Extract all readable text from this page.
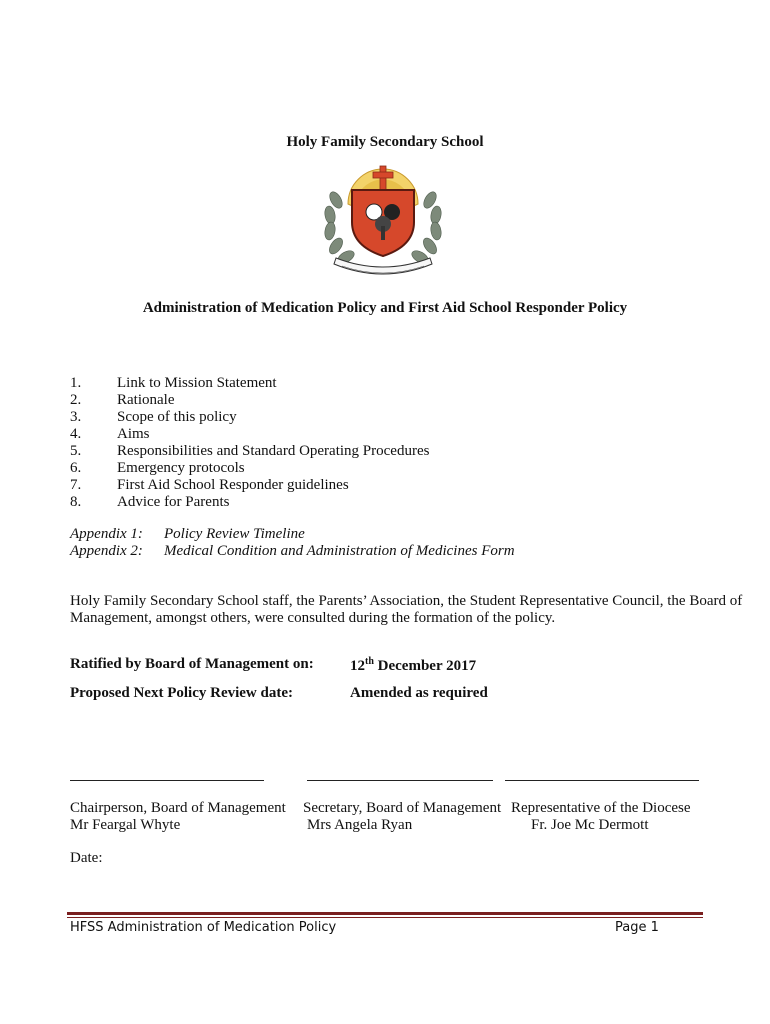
Holy Family Secondary School
Administration of Medication Policy and First Aid School Responder Policy
1.	Link to Mission Statement
2.	Rationale
3.	Scope of this policy
4.	Aims
5.	Responsibilities and Standard Operating Procedures
6.	Emergency protocols
7.	First Aid School Responder guidelines
8.	Advice for Parents
Appendix 1: Policy Review Timeline
Appendix 2: Medical Condition and Administration of Medicines Form
Holy Family Secondary School staff, the Parents’ Association, the Student Representative Council, the Board of Management, amongst others, were consulted during the formation of the policy.
Ratified by Board of Management on: 12th December 2017
Proposed Next Policy Review date:	Amended as required
Chairperson, Board of Management
Mr Feargal Whyte
Secretary, Board of Management
Mrs Angela Ryan
Representative of the Diocese
Fr. Joe Mc Dermott
Date:
HFSS Administration of Medication Policy	Page 1
